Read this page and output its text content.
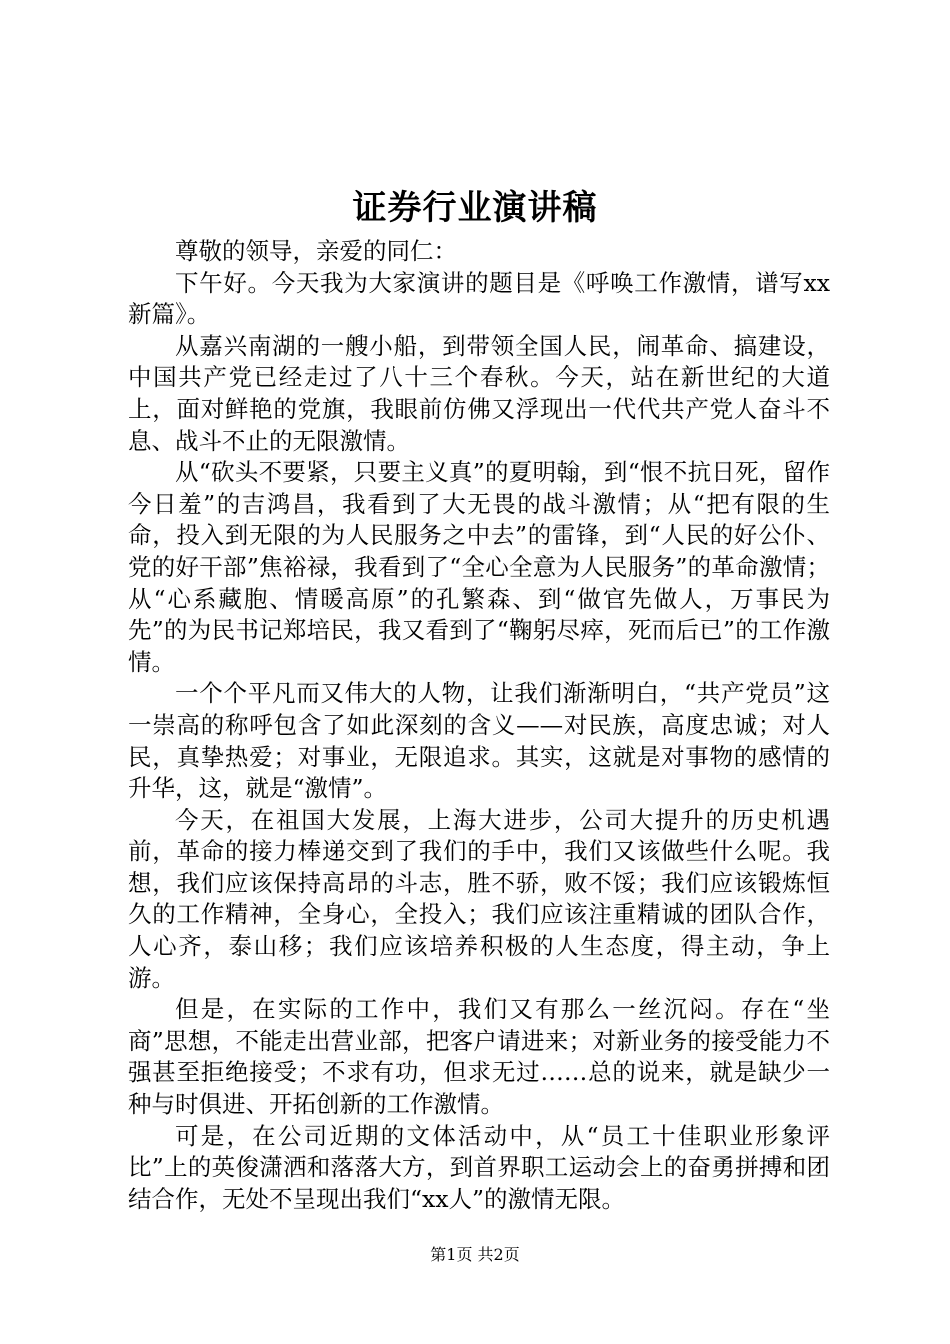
证券行业演讲稿

尊敬的领导，亲爱的同仁：

下午好。今天我为大家演讲的题目是《呼唤工作激情，谱写xx新篇》。

从嘉兴南湖的一艘小船，到带领全国人民，闹革命、搞建设，中国共产党已经走过了八十三个春秋。今天，站在新世纪的大道上，面对鲜艳的党旗，我眼前仿佛又浮现出一代代共产党人奋斗不息、战斗不止的无限激情。

从“砍头不要紧，只要主义真”的夏明翰，到“恨不抗日死，留作今日羞”的吉鸿昌，我看到了大无畏的战斗激情；从“把有限的生命，投入到无限的为人民服务之中去”的雷锋，到“人民的好公仆、党的好干部”焦裕禄，我看到了“全心全意为人民服务”的革命激情；从“心系藏胞、情暖高原”的孔繁森、到“做官先做人，万事民为先”的为民书记郑培民，我又看到了“鞠躬尽瘁，死而后已”的工作激情。

一个个平凡而又伟大的人物，让我们渐渐明白，“共产党员”这一崇高的称呼包含了如此深刻的含义——对民族，高度忠诚；对人民，真挚热爱；对事业，无限追求。其实，这就是对事物的感情的升华，这，就是“激情”。

今天，在祖国大发展，上海大进步，公司大提升的历史机遇前，革命的接力棒递交到了我们的手中，我们又该做些什么呢。我想，我们应该保持高昂的斗志，胜不骄，败不馁；我们应该锻炼恒久的工作精神，全身心，全投入；我们应该注重精诚的团队合作，人心齐，泰山移；我们应该培养积极的人生态度，得主动，争上游。

但是，在实际的工作中，我们又有那么一丝沉闷。存在“坐商”思想，不能走出营业部，把客户请进来；对新业务的接受能力不强甚至拒绝接受；不求有功，但求无过……总的说来，就是缺少一种与时俱进、开拓创新的工作激情。

可是，在公司近期的文体活动中，从“员工十佳职业形象评比”上的英俊潇洒和落落大方，到首界职工运动会上的奋勇拼搏和团结合作，无处不呈现出我们“xx人”的激情无限。

第1页 共2页
